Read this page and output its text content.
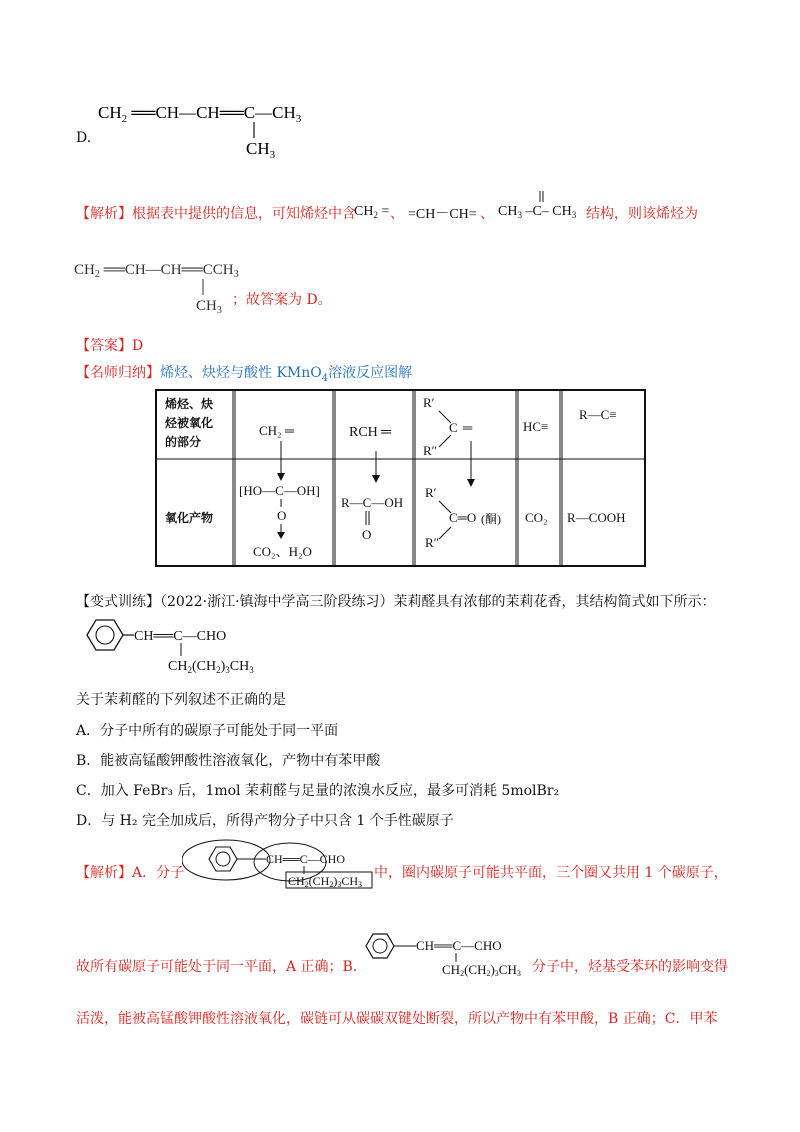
$CH_2$ $══CH—CH══C—CH_3$
$CH_3$
D.
【解析】根据表中提供的信息，可知烯烃中含
$CH_2$ = 、 =CH－CH= 、 $CH_3$ –C– $CH_3$ 结构，则该烯烃为
$CH_2$ $══CH—CH══CCH_3$
$CH_3$
；故答案为 D。
【答案】D
【名师归纳】烯烃、炔烃与酸性 KMnO$_4$溶液反应图解
[HO—C—OH]
O
R—C—OH
O
R′
C ═
R″
R′
C═O
R″
烯烃、炔
烃被氧化
的部分
氧化产物
CH₂ ═
CO₂、H₂O
RCH ═
(酮)
HC≡
CO₂
R—C≡
R—COOH
【变式训练】（2022·浙江·镇海中学高三阶段练习）茉莉醛具有浓郁的茉莉花香，其结构简式如下所示：
CH══C—CHO
$CH_2(CH_2)_3CH_3$
关于茉莉醛的下列叙述不正确的是
A．分子中所有的碳原子可能处于同一平面
B．能被高锰酸钾酸性溶液氧化，产物中有苯甲酸
C．加入 FeBr₃ 后，1mol 茉莉醛与足量的浓溴水反应，最多可消耗 5molBr₂
D．与 H₂ 完全加成后，所得产物分子中只含 1 个手性碳原子
【解析】A．分子
CH══C—CHO
CH2(CH2)3CH3
中，圈内碳原子可能共平面，三个圈又共用 1 个碳原子，
故所有碳原子可能处于同一平面，A 正确；B．
CH══C—CHO
CH2(CH2)3CH3 分子中，烃基受苯环的影响变得
活泼，能被高锰酸钾酸性溶液氧化，碳链可从碳碳双键处断裂，所以产物中有苯甲酸，B 正确；C．甲苯
